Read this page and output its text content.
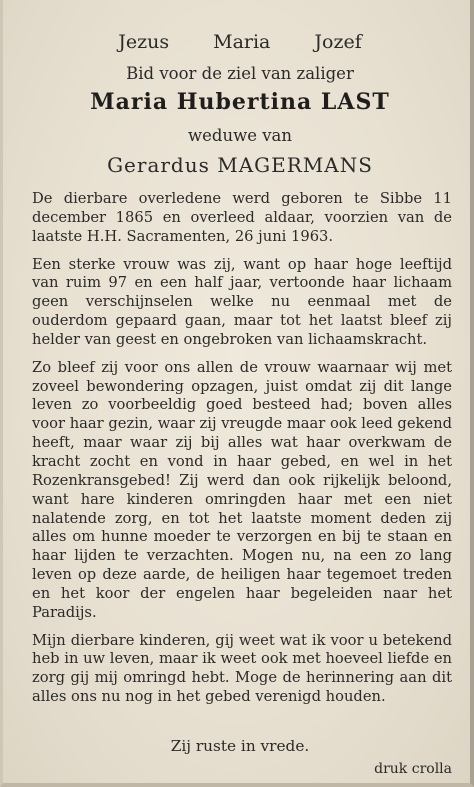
Jezus Maria Jozef
Bid voor de ziel van zaliger
Maria Hubertina LAST
weduwe van
Gerardus MAGERMANS

De dierbare overledene werd geboren te Sibbe 11 december 1865 en overleed aldaar, voorzien van de laatste H.H. Sacramenten, 26 juni 1963.

Een sterke vrouw was zij, want op haar hoge leeftijd van ruim 97 en een half jaar, vertoonde haar lichaam geen verschijnselen welke nu eenmaal met de ouderdom gepaard gaan, maar tot het laatst bleef zij helder van geest en ongebroken van lichaamskracht.

Zo bleef zij voor ons allen de vrouw waarnaar wij met zoveel bewondering opzagen, juist omdat zij dit lange leven zo voorbeeldig goed besteed had; boven alles voor haar gezin, waar zij vreugde maar ook leed gekend heeft, maar waar zij bij alles wat haar overkwam de kracht zocht en vond in haar gebed, en wel in het Rozenkransgebed! Zij werd dan ook rijkelijk beloond, want hare kinderen omringden haar met een niet nalatende zorg, en tot het laatste moment deden zij alles om hunne moeder te verzorgen en bij te staan en haar lijden te verzachten. Mogen nu, na een zo lang leven op deze aarde, de heiligen haar tegemoet treden en het koor der engelen haar begeleiden naar het Paradijs.

Mijn dierbare kinderen, gij weet wat ik voor u betekend heb in uw leven, maar ik weet ook met hoeveel liefde en zorg gij mij omringd hebt. Moge de herinnering aan dit alles ons nu nog in het gebed verenigd houden.

Zij ruste in vrede.
druk crolla
